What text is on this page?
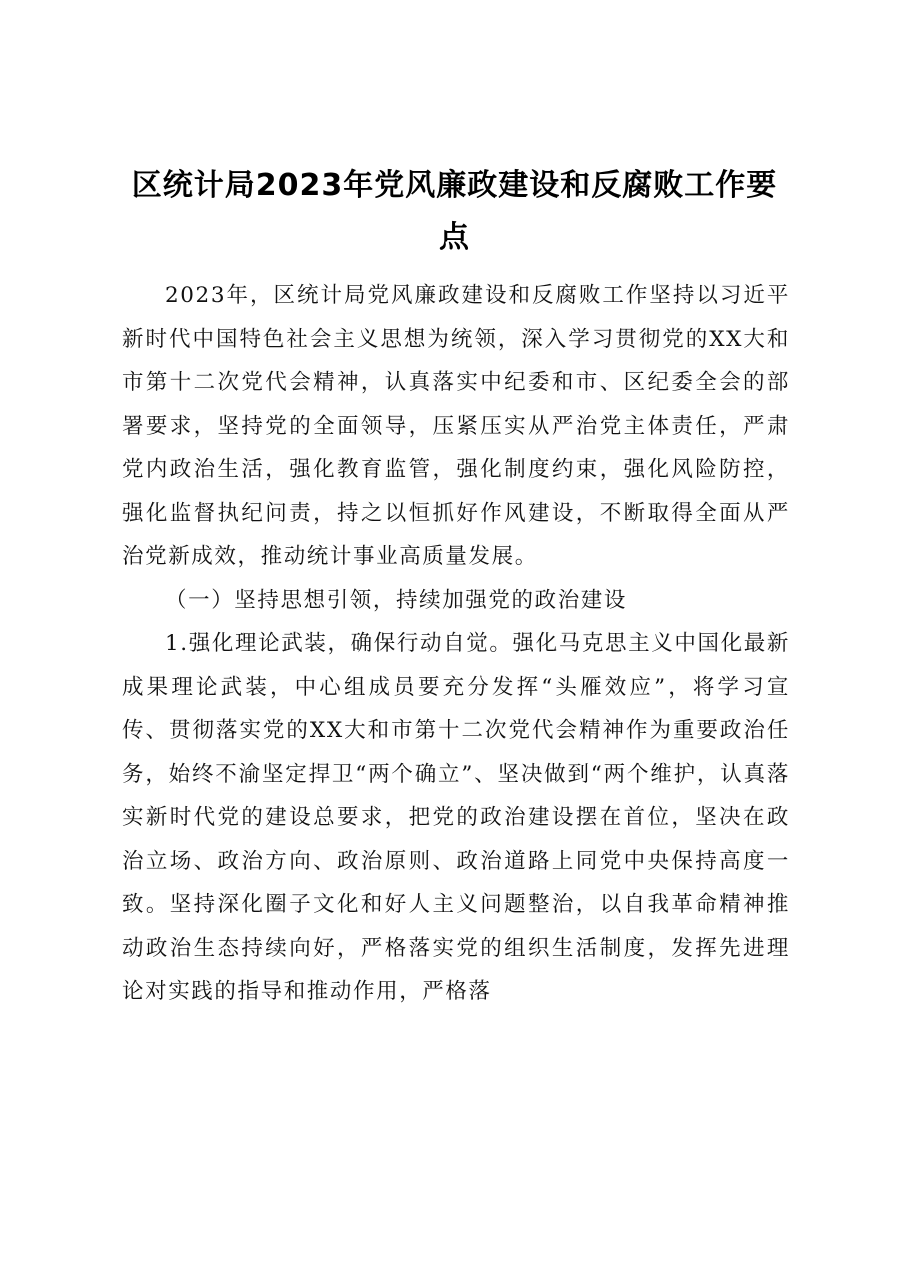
区统计局2023年党风廉政建设和反腐败工作要点

2023年，区统计局党风廉政建设和反腐败工作坚持以习近平新时代中国特色社会主义思想为统领，深入学习贯彻党的XX大和市第十二次党代会精神，认真落实中纪委和市、区纪委全会的部署要求，坚持党的全面领导，压紧压实从严治党主体责任，严肃党内政治生活，强化教育监管，强化制度约束，强化风险防控，强化监督执纪问责，持之以恒抓好作风建设，不断取得全面从严治党新成效，推动统计事业高质量发展。

（一）坚持思想引领，持续加强党的政治建设

1.强化理论武装，确保行动自觉。强化马克思主义中国化最新成果理论武装，中心组成员要充分发挥“头雁效应”，将学习宣传、贯彻落实党的XX大和市第十二次党代会精神作为重要政治任务，始终不渝坚定捍卫“两个确立”、坚决做到“两个维护，认真落实新时代党的建设总要求，把党的政治建设摆在首位，坚决在政治立场、政治方向、政治原则、政治道路上同党中央保持高度一致。坚持深化圈子文化和好人主义问题整治，以自我革命精神推动政治生态持续向好，严格落实党的组织生活制度，发挥先进理论对实践的指导和推动作用，严格落
